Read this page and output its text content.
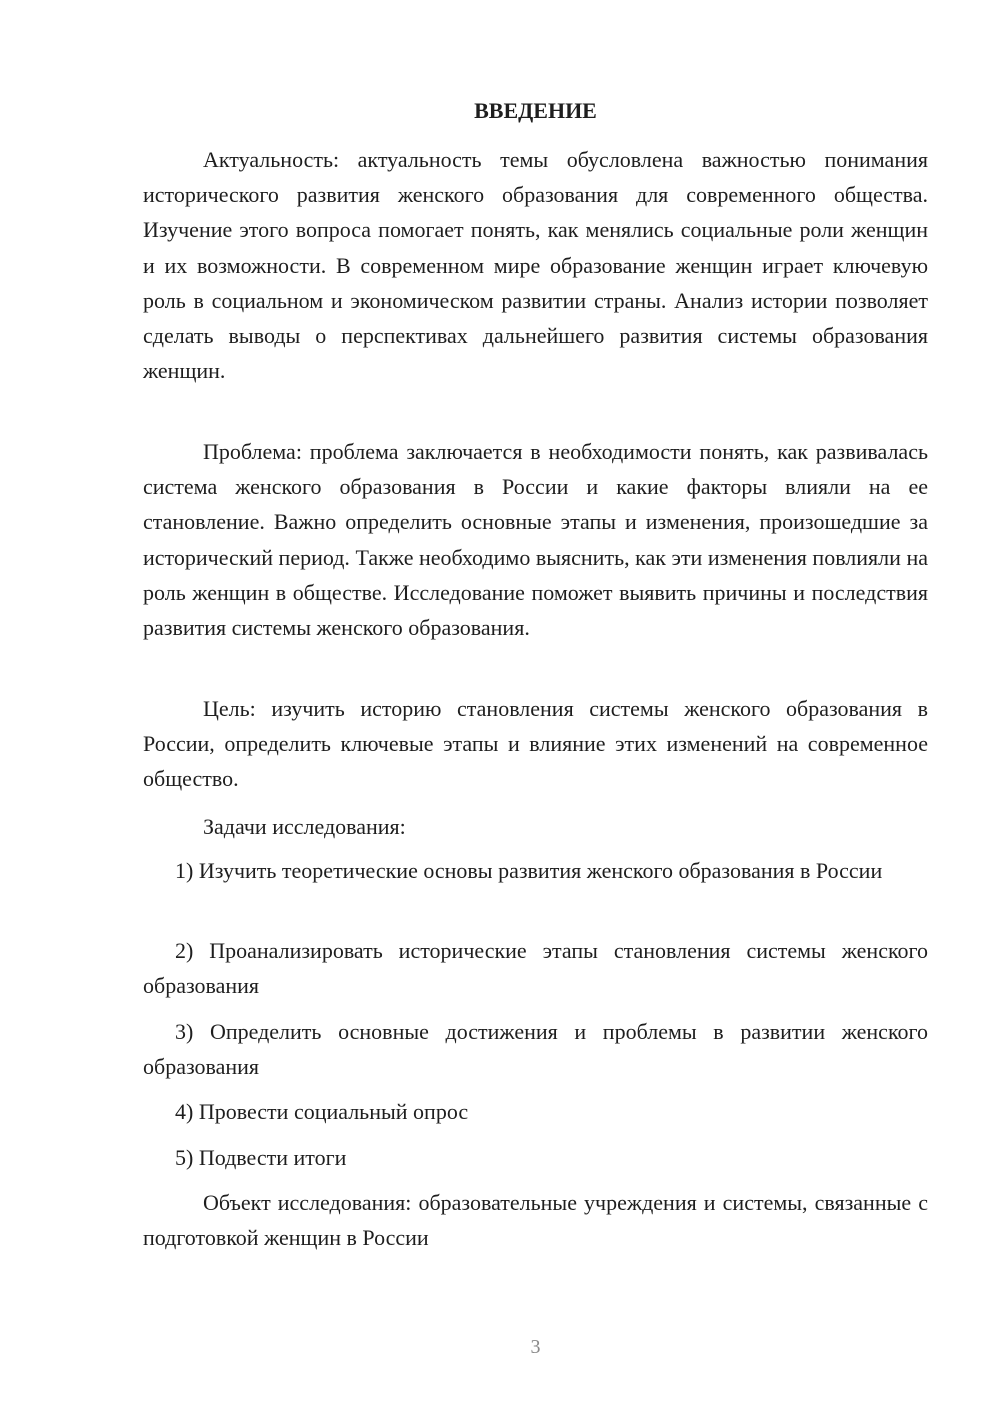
ВВЕДЕНИЕ

Актуальность: актуальность темы обусловлена важностью понимания исторического развития женского образования для современного общества. Изучение этого вопроса помогает понять, как менялись социальные роли женщин и их возможности. В современном мире образование женщин играет ключевую роль в социальном и экономическом развитии страны. Анализ истории позволяет сделать выводы о перспективах дальнейшего развития системы образования женщин.

Проблема: проблема заключается в необходимости понять, как развивалась система женского образования в России и какие факторы влияли на ее становление. Важно определить основные этапы и изменения, произошедшие за исторический период. Также необходимо выяснить, как эти изменения повлияли на роль женщин в обществе. Исследование поможет выявить причины и последствия развития системы женского образования.

Цель: изучить историю становления системы женского образования в России, определить ключевые этапы и влияние этих изменений на современное общество.

Задачи исследования:

1) Изучить теоретические основы развития женского образования в России

2) Проанализировать исторические этапы становления системы женского образования

3) Определить основные достижения и проблемы в развитии женского образования

4) Провести социальный опрос

5) Подвести итоги

Объект исследования: образовательные учреждения и системы, связанные с подготовкой женщин в России

3
